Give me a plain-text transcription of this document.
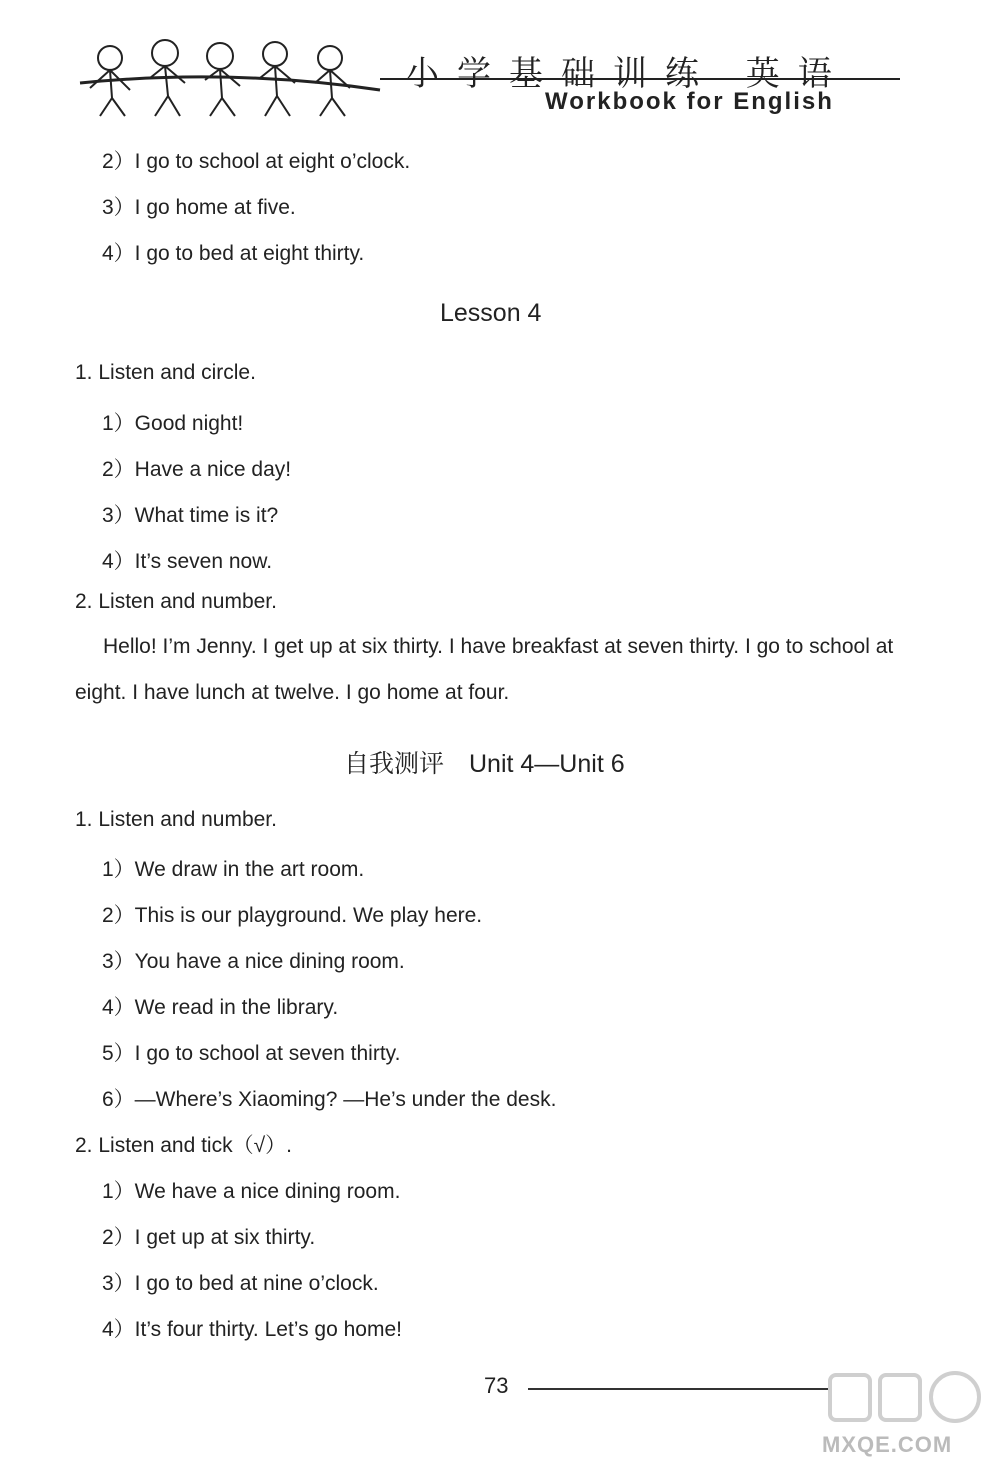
小学基础训练 英语
Workbook for English
2）I go to school at eight o’clock.
3）I go home at five.
4）I go to bed at eight thirty.
Lesson 4
1. Listen and circle.
1）Good night!
2）Have a nice day!
3）What time is it?
4）It’s seven now.
2. Listen and number.
Hello! I’m Jenny. I get up at six thirty. I have breakfast at seven thirty. I go to school at eight. I have lunch at twelve. I go home at four.
自我测评　Unit 4—Unit 6
1. Listen and number.
1）We draw in the art room.
2）This is our playground. We play here.
3）You have a nice dining room.
4）We read in the library.
5）I go to school at seven thirty.
6）—Where’s Xiaoming? —He’s under the desk.
2. Listen and tick（√）.
1）We have a nice dining room.
2）I get up at six thirty.
3）I go to bed at nine o’clock.
4）It’s four thirty. Let’s go home!
73
MXQE.COM
